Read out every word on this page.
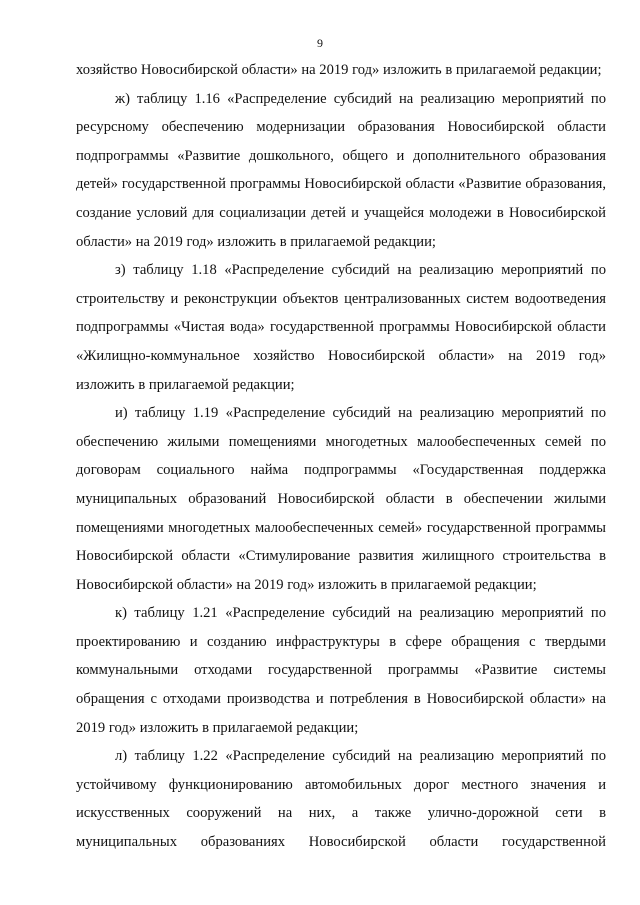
9

хозяйство Новосибирской области» на 2019 год» изложить в прилагаемой редакции;

ж) таблицу 1.16 «Распределение субсидий на реализацию мероприятий по ресурсному обеспечению модернизации образования Новосибирской области подпрограммы «Развитие дошкольного, общего и дополнительного образования детей» государственной программы Новосибирской области «Развитие образования, создание условий для социализации детей и учащейся молодежи в Новосибирской области» на 2019 год» изложить в прилагаемой редакции;

з) таблицу 1.18 «Распределение субсидий на реализацию мероприятий по строительству и реконструкции объектов централизованных систем водоотведения подпрограммы «Чистая вода» государственной программы Новосибирской области «Жилищно-коммунальное хозяйство Новосибирской области» на 2019 год» изложить в прилагаемой редакции;

и) таблицу 1.19 «Распределение субсидий на реализацию мероприятий по обеспечению жилыми помещениями многодетных малообеспеченных семей по договорам социального найма подпрограммы «Государственная поддержка муниципальных образований Новосибирской области в обеспечении жилыми помещениями многодетных малообеспеченных семей» государственной программы Новосибирской области «Стимулирование развития жилищного строительства в Новосибирской области» на 2019 год» изложить в прилагаемой редакции;

к) таблицу 1.21 «Распределение субсидий на реализацию мероприятий по проектированию и созданию инфраструктуры в сфере обращения с твердыми коммунальными отходами государственной программы «Развитие системы обращения с отходами производства и потребления в Новосибирской области» на 2019 год» изложить в прилагаемой редакции;

л) таблицу 1.22 «Распределение субсидий на реализацию мероприятий по устойчивому функционированию автомобильных дорог местного значения и искусственных сооружений на них, а также улично-дорожной сети в муниципальных образованиях Новосибирской области государственной
